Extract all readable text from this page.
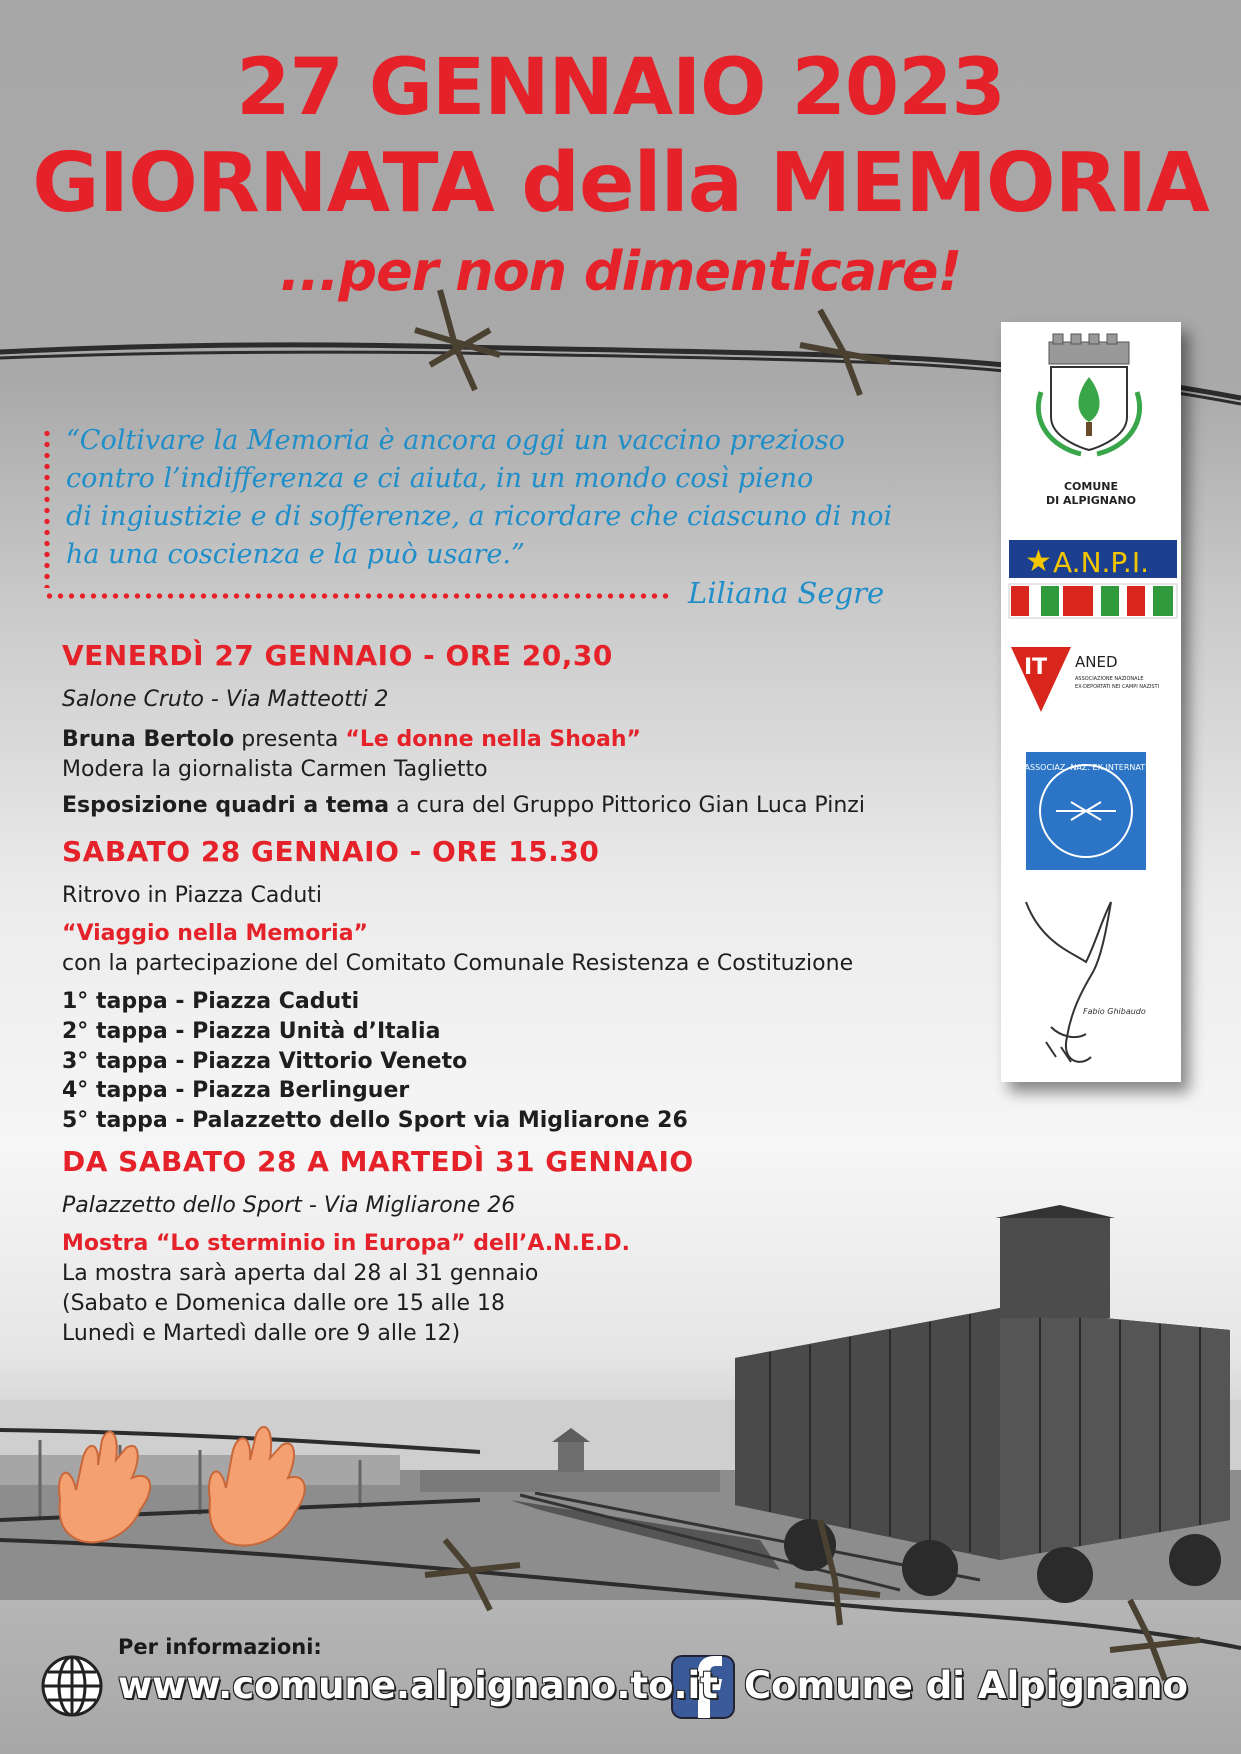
27 GENNAIO 2023
GIORNATA della MEMORIA
...per non dimenticare!
“Coltivare la Memoria è ancora oggi un vaccino prezioso
contro l’indifferenza e ci aiuta, in un mondo così pieno
di ingiustizie e di sofferenze, a ricordare che ciascuno di noi
ha una coscienza e la può usare.”
Liliana Segre
VENERDÌ 27 GENNAIO - ORE 20,30
Salone Cruto - Via Matteotti 2
Bruna Bertolo presenta “Le donne nella Shoah”
Modera la giornalista Carmen Taglietto
Esposizione quadri a tema a cura del Gruppo Pittorico Gian Luca Pinzi
SABATO 28 GENNAIO - ORE 15.30
Ritrovo in Piazza Caduti
“Viaggio nella Memoria”
con la partecipazione del Comitato Comunale Resistenza e Costituzione
1° tappa - Piazza Caduti
2° tappa - Piazza Unità d’Italia
3° tappa - Piazza Vittorio Veneto
4° tappa - Piazza Berlinguer
5° tappa - Palazzetto dello Sport via Migliarone 26
DA SABATO 28 A MARTEDÌ 31 GENNAIO
Palazzetto dello Sport - Via Migliarone 26
Mostra “Lo sterminio in Europa” dell’A.N.E.D.
La mostra sarà aperta dal 28 al 31 gennaio
(Sabato e Domenica dalle ore 15 alle 18
Lunedì e Martedì dalle ore 9 alle 12)
COMUNE
DI ALPIGNANO
★ A.N.P.I.
IT ANED
ASSOCIAZIONE NAZIONALE
EX-DEPORTATI NEI CAMPI NAZISTI
ASSOCIAZ. NAZ. EX INTERNATI
Fabio Ghibaudo
Per informazioni:
www.comune.alpignano.to.it Comune di Alpignano
